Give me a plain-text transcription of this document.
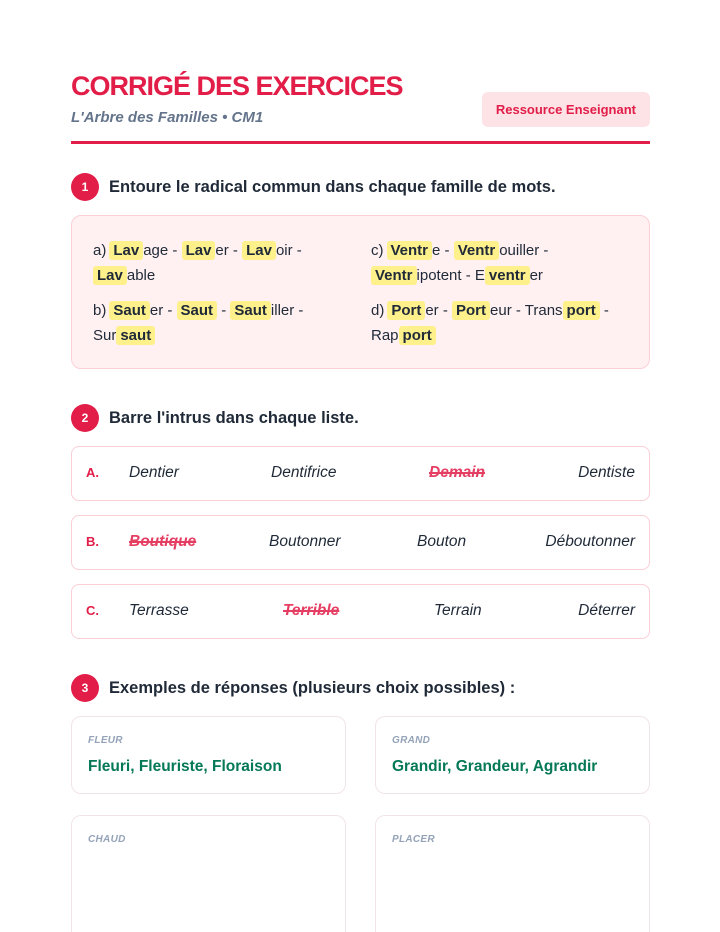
CORRIGÉ DES EXERCICES
L'Arbre des Familles • CM1	Ressource Enseignant
1	Entoure le radical commun dans chaque famille de mots.
a) Lav age - Lav er - Lav oir -
Lav able
c) Ventr e - Ventr ouiller -
Ventr ipotent - E ventr er
b) Saut er - Saut - Saut iller -
Sur saut
d) Port er - Port eur - Trans port -
Rap port
2	Barre l'intrus dans chaque liste.
A. Dentier	Dentifrice	Demain	Dentiste
B. Boutique	Boutonner	Bouton	Déboutonner
C. Terrasse	Terrible	Terrain	Déterrer
3	Exemples de réponses (plusieurs choix possibles) :
FLEUR
Fleuri, Fleuriste, Floraison
GRAND
Grandir, Grandeur, Agrandir
CHAUD	PLACER
